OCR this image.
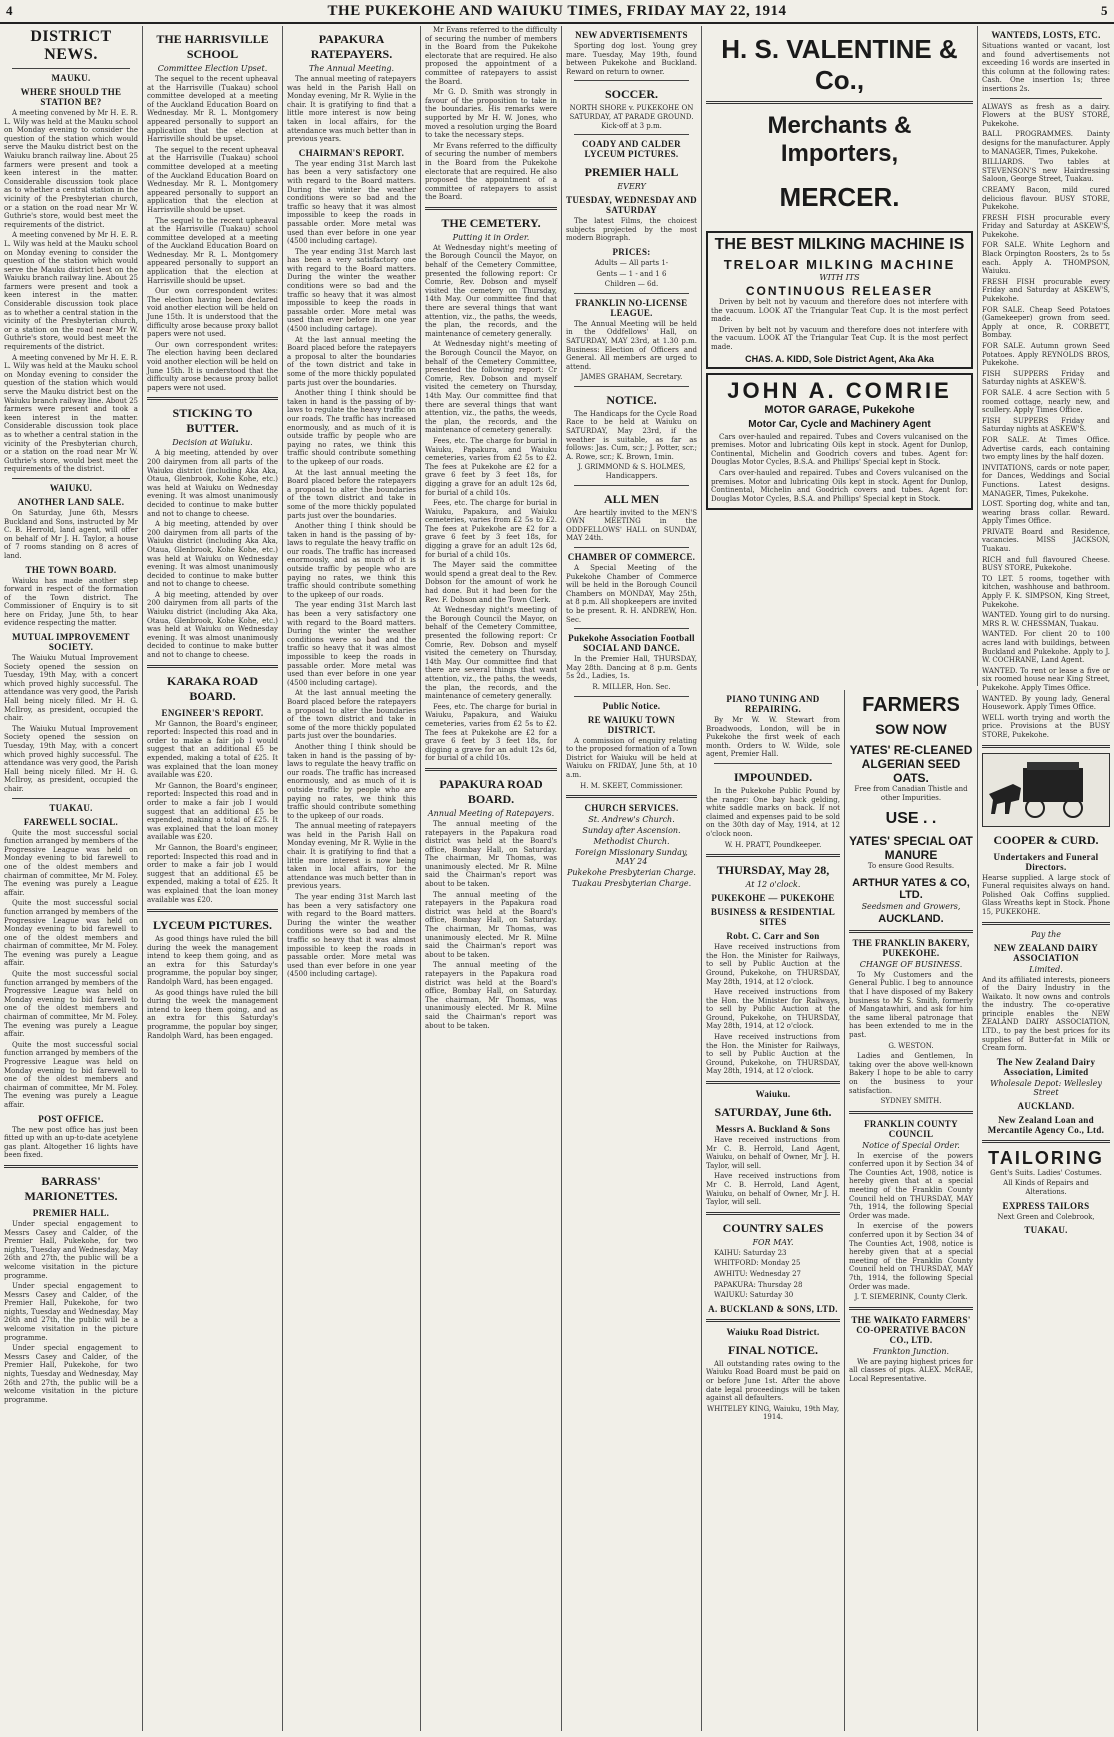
4	THE PUKEKOHE AND WAIUKU TIMES, FRIDAY MAY 22, 1914	5
DISTRICT NEWS.
MAUKU.
WHERE SHOULD THE STATION BE?

A meeting convened by Mr H. E. R. L. Wily was held at the Mauku school on Monday evening to consider the question of the station which would serve the Mauku district best on the Waiuku branch railway line. About 25 farmers were present and took a keen interest in the matter. Considerable discussion took place as to whether a central station in the vicinity of the Presbyterian church, or a station on the road near Mr W. Guthrie's store, would best meet the requirements of the district.

A meeting convened by Mr H. E. R. L. Wily was held at the Mauku school on Monday evening to consider the question of the station which would serve the Mauku district best on the Waiuku branch railway line. About 25 farmers were present and took a keen interest in the matter. Considerable discussion took place as to whether a central station in the vicinity of the Presbyterian church, or a station on the road near Mr W. Guthrie's store, would best meet the requirements of the district.

A meeting convened by Mr H. E. R. L. Wily was held at the Mauku school on Monday evening to consider the question of the station which would serve the Mauku district best on the Waiuku branch railway line. About 25 farmers were present and took a keen interest in the matter. Considerable discussion took place as to whether a central station in the vicinity of the Presbyterian church, or a station on the road near Mr W. Guthrie's store, would best meet the requirements of the district.

WAIUKU.
ANOTHER LAND SALE.

On Saturday, June 6th, Messrs Buckland and Sons, instructed by Mr C. B. Herrold, land agent, will offer on behalf of Mr J. H. Taylor, a house of 7 rooms standing on 8 acres of land.

THE TOWN BOARD.

Waiuku has made another step forward in respect of the formation of the Town district. The Commissioner of Enquiry is to sit here on Friday, June 5th, to hear evidence respecting the matter.

MUTUAL IMPROVEMENT SOCIETY.

The Waiuku Mutual Improvement Society opened the session on Tuesday, 19th May, with a concert which proved highly successful. The attendance was very good, the Parish Hall being nicely filled. Mr H. G. McIlroy, as president, occupied the chair.

The Waiuku Mutual Improvement Society opened the session on Tuesday, 19th May, with a concert which proved highly successful. The attendance was very good, the Parish Hall being nicely filled. Mr H. G. McIlroy, as president, occupied the chair.

TUAKAU.
FAREWELL SOCIAL.

Quite the most successful social function arranged by members of the Progressive League was held on Monday evening to bid farewell to one of the oldest members and chairman of committee, Mr M. Foley. The evening was purely a League affair.

Quite the most successful social function arranged by members of the Progressive League was held on Monday evening to bid farewell to one of the oldest members and chairman of committee, Mr M. Foley. The evening was purely a League affair.

Quite the most successful social function arranged by members of the Progressive League was held on Monday evening to bid farewell to one of the oldest members and chairman of committee, Mr M. Foley. The evening was purely a League affair.

Quite the most successful social function arranged by members of the Progressive League was held on Monday evening to bid farewell to one of the oldest members and chairman of committee, Mr M. Foley. The evening was purely a League affair.

POST OFFICE.

The new post office has just been fitted up with an up-to-date acetylene gas plant. Altogether 16 lights have been fixed.

BARRASS' MARIONETTES.
PREMIER HALL.

Under special engagement to Messrs Casey and Calder, of the Premier Hall, Pukekohe, for two nights, Tuesday and Wednesday, May 26th and 27th, the public will be a welcome visitation in the picture programme.

Under special engagement to Messrs Casey and Calder, of the Premier Hall, Pukekohe, for two nights, Tuesday and Wednesday, May 26th and 27th, the public will be a welcome visitation in the picture programme.

Under special engagement to Messrs Casey and Calder, of the Premier Hall, Pukekohe, for two nights, Tuesday and Wednesday, May 26th and 27th, the public will be a welcome visitation in the picture programme.

THE HARRISVILLE SCHOOL
Committee Election Upset.

The sequel to the recent upheaval at the Harrisville (Tuakau) school committee developed at a meeting of the Auckland Education Board on Wednesday. Mr R. L. Montgomery appeared personally to support an application that the election at Harrisville should be upset.

The sequel to the recent upheaval at the Harrisville (Tuakau) school committee developed at a meeting of the Auckland Education Board on Wednesday. Mr R. L. Montgomery appeared personally to support an application that the election at Harrisville should be upset.

The sequel to the recent upheaval at the Harrisville (Tuakau) school committee developed at a meeting of the Auckland Education Board on Wednesday. Mr R. L. Montgomery appeared personally to support an application that the election at Harrisville should be upset.

Our own correspondent writes: The election having been declared void another election will be held on June 15th. It is understood that the difficulty arose because proxy ballot papers were not used.

Our own correspondent writes: The election having been declared void another election will be held on June 15th. It is understood that the difficulty arose because proxy ballot papers were not used.

STICKING TO BUTTER.
Decision at Waiuku.

A big meeting, attended by over 200 dairymen from all parts of the Waiuku district (including Aka Aka, Otaua, Glenbrook, Kohe Kohe, etc.) was held at Waiuku on Wednesday evening. It was almost unanimously decided to continue to make butter and not to change to cheese.

A big meeting, attended by over 200 dairymen from all parts of the Waiuku district (including Aka Aka, Otaua, Glenbrook, Kohe Kohe, etc.) was held at Waiuku on Wednesday evening. It was almost unanimously decided to continue to make butter and not to change to cheese.

A big meeting, attended by over 200 dairymen from all parts of the Waiuku district (including Aka Aka, Otaua, Glenbrook, Kohe Kohe, etc.) was held at Waiuku on Wednesday evening. It was almost unanimously decided to continue to make butter and not to change to cheese.

KARAKA ROAD BOARD.
ENGINEER'S REPORT.

Mr Gannon, the Board's engineer, reported: Inspected this road and in order to make a fair job I would suggest that an additional £5 be expended, making a total of £25. It was explained that the loan money available was £20.

Mr Gannon, the Board's engineer, reported: Inspected this road and in order to make a fair job I would suggest that an additional £5 be expended, making a total of £25. It was explained that the loan money available was £20.

Mr Gannon, the Board's engineer, reported: Inspected this road and in order to make a fair job I would suggest that an additional £5 be expended, making a total of £25. It was explained that the loan money available was £20.

LYCEUM PICTURES.

As good things have ruled the bill during the week the management intend to keep them going, and as an extra for this Saturday's programme, the popular boy singer, Randolph Ward, has been engaged.

As good things have ruled the bill during the week the management intend to keep them going, and as an extra for this Saturday's programme, the popular boy singer, Randolph Ward, has been engaged.

PAPAKURA RATEPAYERS.
The Annual Meeting.

The annual meeting of ratepayers was held in the Parish Hall on Monday evening, Mr R. Wylie in the chair. It is gratifying to find that a little more interest is now being taken in local affairs, for the attendance was much better than in previous years.

CHAIRMAN'S REPORT.

The year ending 31st March last has been a very satisfactory one with regard to the Board matters. During the winter the weather conditions were so bad and the traffic so heavy that it was almost impossible to keep the roads in passable order. More metal was used than ever before in one year (4500 including cartage).

The year ending 31st March last has been a very satisfactory one with regard to the Board matters. During the winter the weather conditions were so bad and the traffic so heavy that it was almost impossible to keep the roads in passable order. More metal was used than ever before in one year (4500 including cartage).

At the last annual meeting the Board placed before the ratepayers a proposal to alter the boundaries of the town district and take in some of the more thickly populated parts just over the boundaries.

Another thing I think should be taken in hand is the passing of by-laws to regulate the heavy traffic on our roads. The traffic has increased enormously, and as much of it is outside traffic by people who are paying no rates, we think this traffic should contribute something to the upkeep of our roads.

At the last annual meeting the Board placed before the ratepayers a proposal to alter the boundaries of the town district and take in some of the more thickly populated parts just over the boundaries.

Another thing I think should be taken in hand is the passing of by-laws to regulate the heavy traffic on our roads. The traffic has increased enormously, and as much of it is outside traffic by people who are paying no rates, we think this traffic should contribute something to the upkeep of our roads.

The year ending 31st March last has been a very satisfactory one with regard to the Board matters. During the winter the weather conditions were so bad and the traffic so heavy that it was almost impossible to keep the roads in passable order. More metal was used than ever before in one year (4500 including cartage).

At the last annual meeting the Board placed before the ratepayers a proposal to alter the boundaries of the town district and take in some of the more thickly populated parts just over the boundaries.

Another thing I think should be taken in hand is the passing of by-laws to regulate the heavy traffic on our roads. The traffic has increased enormously, and as much of it is outside traffic by people who are paying no rates, we think this traffic should contribute something to the upkeep of our roads.

The annual meeting of ratepayers was held in the Parish Hall on Monday evening, Mr R. Wylie in the chair. It is gratifying to find that a little more interest is now being taken in local affairs, for the attendance was much better than in previous years.

The year ending 31st March last has been a very satisfactory one with regard to the Board matters. During the winter the weather conditions were so bad and the traffic so heavy that it was almost impossible to keep the roads in passable order. More metal was used than ever before in one year (4500 including cartage).

Mr Evans referred to the difficulty of securing the number of members in the Board from the Pukekohe electorate that are required. He also proposed the appointment of a committee of ratepayers to assist the Board.

Mr G. D. Smith was strongly in favour of the proposition to take in the boundaries. His remarks were supported by Mr H. W. Jones, who moved a resolution urging the Board to take the necessary steps.

Mr Evans referred to the difficulty of securing the number of members in the Board from the Pukekohe electorate that are required. He also proposed the appointment of a committee of ratepayers to assist the Board.

THE CEMETERY.
Putting it in Order.

At Wednesday night's meeting of the Borough Council the Mayor, on behalf of the Cemetery Committee, presented the following report: Cr Comrie, Rev. Dobson and myself visited the cemetery on Thursday, 14th May. Our committee find that there are several things that want attention, viz., the paths, the weeds, the plan, the records, and the maintenance of cemetery generally.

At Wednesday night's meeting of the Borough Council the Mayor, on behalf of the Cemetery Committee, presented the following report: Cr Comrie, Rev. Dobson and myself visited the cemetery on Thursday, 14th May. Our committee find that there are several things that want attention, viz., the paths, the weeds, the plan, the records, and the maintenance of cemetery generally.

Fees, etc. The charge for burial in Waiuku, Papakura, and Waiuku cemeteries, varies from £2 5s to £2. The fees at Pukekohe are £2 for a grave 6 feet by 3 feet 18s, for digging a grave for an adult 12s 6d, for burial of a child 10s.

Fees, etc. The charge for burial in Waiuku, Papakura, and Waiuku cemeteries, varies from £2 5s to £2. The fees at Pukekohe are £2 for a grave 6 feet by 3 feet 18s, for digging a grave for an adult 12s 6d, for burial of a child 10s.

The Mayer said the committee would spend a great deal to the Rev. Dobson for the amount of work he had done. But it had been for the Rev. F. Dobson and the Town Clerk.

At Wednesday night's meeting of the Borough Council the Mayor, on behalf of the Cemetery Committee, presented the following report: Cr Comrie, Rev. Dobson and myself visited the cemetery on Thursday, 14th May. Our committee find that there are several things that want attention, viz., the paths, the weeds, the plan, the records, and the maintenance of cemetery generally.

Fees, etc. The charge for burial in Waiuku, Papakura, and Waiuku cemeteries, varies from £2 5s to £2. The fees at Pukekohe are £2 for a grave 6 feet by 3 feet 18s, for digging a grave for an adult 12s 6d, for burial of a child 10s.

PAPAKURA ROAD BOARD.
Annual Meeting of Ratepayers.

The annual meeting of the ratepayers in the Papakura road district was held at the Board's office, Bombay Hall, on Saturday. The chairman, Mr Thomas, was unanimously elected. Mr R. Milne said the Chairman's report was about to be taken.

The annual meeting of the ratepayers in the Papakura road district was held at the Board's office, Bombay Hall, on Saturday. The chairman, Mr Thomas, was unanimously elected. Mr R. Milne said the Chairman's report was about to be taken.

The annual meeting of the ratepayers in the Papakura road district was held at the Board's office, Bombay Hall, on Saturday. The chairman, Mr Thomas, was unanimously elected. Mr R. Milne said the Chairman's report was about to be taken.

NEW ADVERTISEMENTS

Sporting dog lost. Young grey mare. Tuesday, May 19th, found between Pukekohe and Buckland. Reward on return to owner.

SOCCER.

NORTH SHORE v. PUKEKOHE ON SATURDAY, AT PARADE GROUND. Kick-off at 3 p.m.

COADY AND CALDER LYCEUM PICTURES.
PREMIER HALL
EVERY
TUESDAY, WEDNESDAY AND SATURDAY

The latest Films, the choicest subjects projected by the most modern Biograph.

PRICES:

Adults — All parts 1-

Gents — 1 - and 1 6

Children — 6d.

FRANKLIN NO-LICENSE LEAGUE.

The Annual Meeting will be held in the Oddfellows' Hall, on SATURDAY, MAY 23rd, at 1.30 p.m. Business: Election of Officers and General. All members are urged to attend.

JAMES GRAHAM, Secretary.

NOTICE.

The Handicaps for the Cycle Road Race to be held at Waiuku on SATURDAY, May 23rd, if the weather is suitable, as far as follows: Jas. Cum, scr.; J. Potter, scr.; A. Rowe, scr.; K. Brown, 1min.

J. GRIMMOND & S. HOLMES, Handicappers.

ALL MEN

Are heartily invited to the MEN'S OWN MEETING in the ODDFELLOWS' HALL on SUNDAY, MAY 24th.

CHAMBER OF COMMERCE.

A Special Meeting of the Pukekohe Chamber of Commerce will be held in the Borough Council Chambers on MONDAY, May 25th, at 8 p.m. All shopkeepers are invited to be present. R. H. ANDREW, Hon. Sec.

Pukekohe Association Football SOCIAL AND DANCE.

In the Premier Hall, THURSDAY, May 28th. Dancing at 8 p.m. Gents 5s 2d., Ladies, 1s.

R. MILLER, Hon. Sec.

Public Notice.
RE WAIUKU TOWN DISTRICT.

A commission of enquiry relating to the proposed formation of a Town District for Waiuku will be held at Waiuku on FRIDAY, June 5th, at 10 a.m.

H. M. SKEET, Commissioner.

CHURCH SERVICES.
St. Andrew's Church.
Sunday after Ascension.
Methodist Church.
Foreign Missionary Sunday, MAY 24
Pukekohe Presbyterian Charge.
Tuakau Presbyterian Charge.
H. S. VALENTINE & Co.,
Merchants & Importers,
MERCER.
THE BEST MILKING MACHINE IS
TRELOAR MILKING MACHINE
WITH ITS
CONTINUOUS RELEASER

Driven by belt not by vacuum and therefore does not interfere with the vacuum. LOOK AT the Triangular Teat Cup. It is the most perfect made.

Driven by belt not by vacuum and therefore does not interfere with the vacuum. LOOK AT the Triangular Teat Cup. It is the most perfect made.

CHAS. A. KIDD, Sole District Agent, Aka Aka
JOHN A. COMRIE
MOTOR GARAGE, Pukekohe
Motor Car, Cycle and Machinery Agent

Cars over-hauled and repaired. Tubes and Covers vulcanised on the premises. Motor and lubricating Oils kept in stock. Agent for Dunlop, Continental, Michelin and Goodrich covers and tubes. Agent for: Douglas Motor Cycles, B.S.A. and Phillips' Special kept in Stock.

Cars over-hauled and repaired. Tubes and Covers vulcanised on the premises. Motor and lubricating Oils kept in stock. Agent for Dunlop, Continental, Michelin and Goodrich covers and tubes. Agent for: Douglas Motor Cycles, B.S.A. and Phillips' Special kept in Stock.

PIANO TUNING AND REPAIRING.

By Mr W. W. Stewart from Broadwoods, London, will be in Pukekohe the first week of each month. Orders to W. Wilde, sole agent, Premier Hall.

IMPOUNDED.

In the Pukekohe Public Pound by the ranger: One bay hack gelding, white saddle marks on back. If not claimed and expenses paid to be sold on the 30th day of May, 1914, at 12 o'clock noon.

W. H. PRATT, Poundkeeper.

THURSDAY, May 28,
At 12 o'clock.
PUKEKOHE — PUKEKOHE
BUSINESS & RESIDENTIAL SITES
Robt. C. Carr and Son

Have received instructions from the Hon. the Minister for Railways, to sell by Public Auction at the Ground, Pukekohe, on THURSDAY, May 28th, 1914, at 12 o'clock.

Have received instructions from the Hon. the Minister for Railways, to sell by Public Auction at the Ground, Pukekohe, on THURSDAY, May 28th, 1914, at 12 o'clock.

Have received instructions from the Hon. the Minister for Railways, to sell by Public Auction at the Ground, Pukekohe, on THURSDAY, May 28th, 1914, at 12 o'clock.

Waiuku.
SATURDAY, June 6th.
Messrs A. Buckland & Sons

Have received instructions from Mr C. B. Herrold, Land Agent, Waiuku, on behalf of Owner, Mr J. H. Taylor, will sell.

Have received instructions from Mr C. B. Herrold, Land Agent, Waiuku, on behalf of Owner, Mr J. H. Taylor, will sell.

COUNTRY SALES
FOR MAY.

KAIHU: Saturday 23

WHITFORD: Monday 25

AWHITU: Wednesday 27

PAPAKURA: Thursday 28

WAIUKU: Saturday 30

A. BUCKLAND & SONS, LTD.
Waiuku Road District.
FINAL NOTICE.

All outstanding rates owing to the Waiuku Road Board must be paid on or before June 1st. After the above date legal proceedings will be taken against all defaulters.

WHITELEY KING, Waiuku, 19th May, 1914.

FARMERS
SOW NOW
YATES' RE-CLEANED ALGERIAN SEED OATS.

Free from Canadian Thistle and other Impurities.

USE . .
YATES' SPECIAL OAT MANURE

To ensure Good Results.

ARTHUR YATES & CO, LTD.
Seedsmen and Growers,
AUCKLAND.
THE FRANKLIN BAKERY, PUKEKOHE.
CHANGE OF BUSINESS.

To My Customers and the General Public. I beg to announce that I have disposed of my Bakery business to Mr S. Smith, formerly of Mangatawhiri, and ask for him the same liberal patronage that has been extended to me in the past.

G. WESTON.

Ladies and Gentlemen, In taking over the above well-known Bakery I hope to be able to carry on the business to your satisfaction.

SYDNEY SMITH.

FRANKLIN COUNTY COUNCIL
Notice of Special Order.

In exercise of the powers conferred upon it by Section 34 of The Counties Act, 1908, notice is hereby given that at a special meeting of the Franklin County Council held on THURSDAY, MAY 7th, 1914, the following Special Order was made.

In exercise of the powers conferred upon it by Section 34 of The Counties Act, 1908, notice is hereby given that at a special meeting of the Franklin County Council held on THURSDAY, MAY 7th, 1914, the following Special Order was made.

J. T. SIEMERINK, County Clerk.

THE WAIKATO FARMERS' CO-OPERATIVE BACON CO., LTD.
Frankton Junction.

We are paying highest prices for all classes of pigs. ALEX. McRAE, Local Representative.

WANTEDS, LOSTS, ETC.

Situations wanted or vacant, lost and found advertisements not exceeding 16 words are inserted in this column at the following rates: Cash. One insertion 1s; three insertions 2s.

ALWAYS as fresh as a dairy. Flowers at the BUSY STORE, Pukekohe.

BALL PROGRAMMES. Dainty designs for the manufacturer. Apply to MANAGER, Times, Pukekohe.

BILLIARDS. Two tables at STEVENSON'S new Hairdressing Saloon, George Street, Tuakau.

CREAMY Bacon, mild cured delicious flavour. BUSY STORE, Pukekohe.

FRESH FISH procurable every Friday and Saturday at ASKEW'S, Pukekohe.

FOR SALE. White Leghorn and Black Orpington Roosters, 2s to 5s each. Apply A. THOMPSON, Waiuku.

FRESH FISH procurable every Friday and Saturday at ASKEW'S, Pukekohe.

FOR SALE. Cheap Seed Potatoes (Gamekeeper) grown from seed. Apply at once, R. CORBETT, Bombay.

FOR SALE. Autumn grown Seed Potatoes. Apply REYNOLDS BROS, Pukekohe.

FISH SUPPERS Friday and Saturday nights at ASKEW'S.

FOR SALE. 4 acre Section with 5 roomed cottage, nearly new, and scullery. Apply Times Office.

FISH SUPPERS Friday and Saturday nights at ASKEW'S.

FOR SALE. At Times Office. Advertise cards, each containing two empty lines by the half dozen.

INVITATIONS, cards or note paper, for Dances, Weddings and Social Functions. Latest designs. MANAGER, Times, Pukekohe.

LOST. Sporting dog, white and tan, wearing brass collar. Reward. Apply Times Office.

PRIVATE Board and Residence, vacancies. MISS JACKSON, Tuakau.

RICH and full flavoured Cheese. BUSY STORE, Pukekohe.

TO LET. 5 rooms, together with kitchen, washhouse and bathroom. Apply F. K. SIMPSON, King Street, Pukekohe.

WANTED. Young girl to do nursing. MRS R. W. CHESSMAN, Tuakau.

WANTED. For client 20 to 100 acres land with buildings, between Buckland and Pukekohe. Apply to J. W. COCHRANE, Land Agent.

WANTED. To rent or lease a five or six roomed house near King Street, Pukekohe. Apply Times Office.

WANTED. By young lady, General Housework. Apply Times Office.

WELL worth trying and worth the price. Provisions at the BUSY STORE, Pukekohe.

COOPER & CURD.
Undertakers and Funeral Directors.

Hearse supplied. A large stock of Funeral requisites always on hand. Polished Oak Coffins supplied. Glass Wreaths kept in Stock. Phone 15, PUKEKOHE.

Pay the
NEW ZEALAND DAIRY ASSOCIATION
Limited.

And its affiliated interests, pioneers of the Dairy Industry in the Waikato. It now owns and controls the industry. The co-operative principle enables the NEW ZEALAND DAIRY ASSOCIATION, LTD., to pay the best prices for its supplies of Butter-fat in Milk or Cream form.

The New Zealand Dairy Association, Limited
Wholesale Depot: Wellesley Street
AUCKLAND.
New Zealand Loan and Mercantile Agency Co., Ltd.
TAILORING

Gent's Suits. Ladies' Costumes.

All Kinds of Repairs and Alterations.

EXPRESS TAILORS

Next Green and Colebrook,

TUAKAU.
